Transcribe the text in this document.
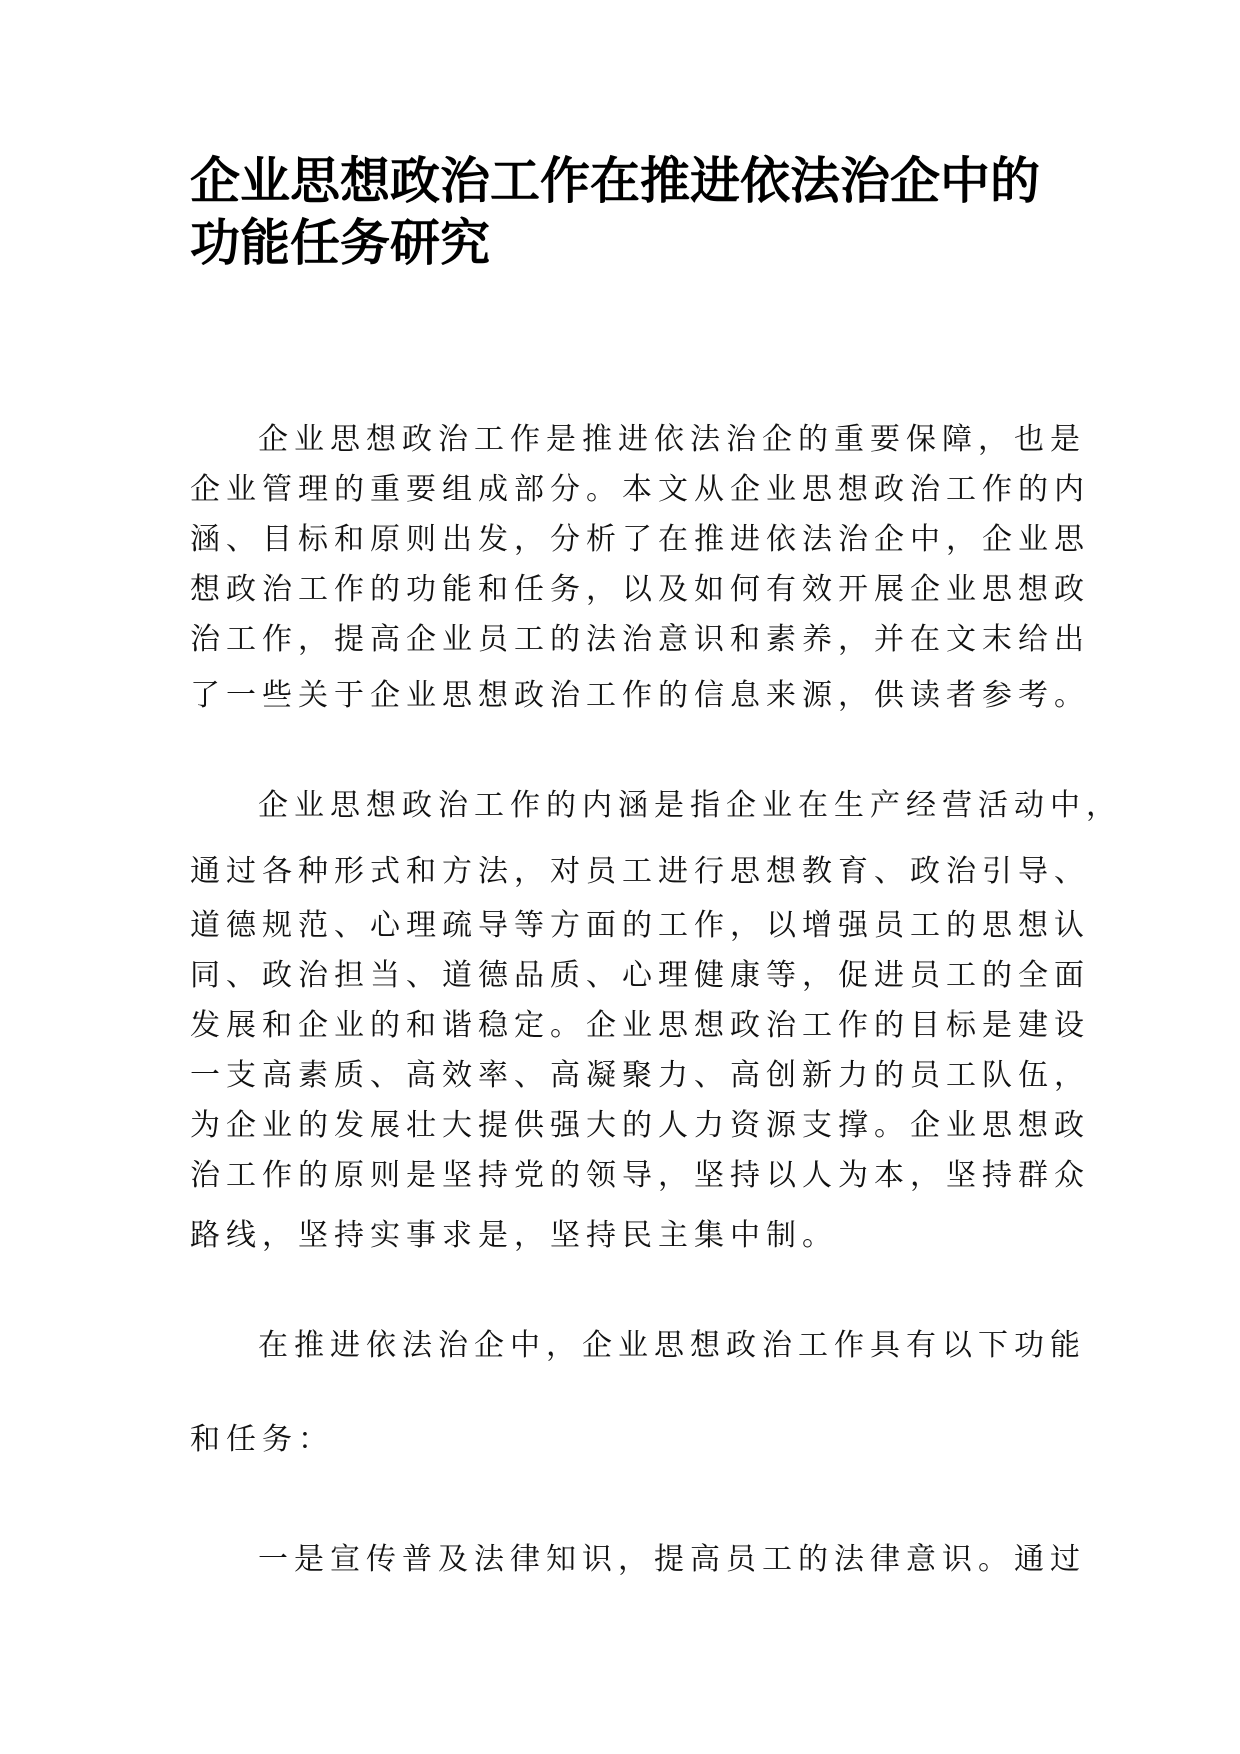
企业思想政治工作在推进依法治企中的
功能任务研究

企业思想政治工作是推进依法治企的重要保障，也是

企业管理的重要组成部分。本文从企业思想政治工作的内

涵、目标和原则出发，分析了在推进依法治企中，企业思

想政治工作的功能和任务，以及如何有效开展企业思想政

治工作，提高企业员工的法治意识和素养，并在文末给出

了一些关于企业思想政治工作的信息来源，供读者参考。

企业思想政治工作的内涵是指企业在生产经营活动中，

通过各种形式和方法，对员工进行思想教育、政治引导、

道德规范、心理疏导等方面的工作，以增强员工的思想认

同、政治担当、道德品质、心理健康等，促进员工的全面

发展和企业的和谐稳定。企业思想政治工作的目标是建设

一支高素质、高效率、高凝聚力、高创新力的员工队伍，

为企业的发展壮大提供强大的人力资源支撑。企业思想政

治工作的原则是坚持党的领导，坚持以人为本，坚持群众

路线，坚持实事求是，坚持民主集中制。

在推进依法治企中，企业思想政治工作具有以下功能

和任务：

一是宣传普及法律知识，提高员工的法律意识。通过
